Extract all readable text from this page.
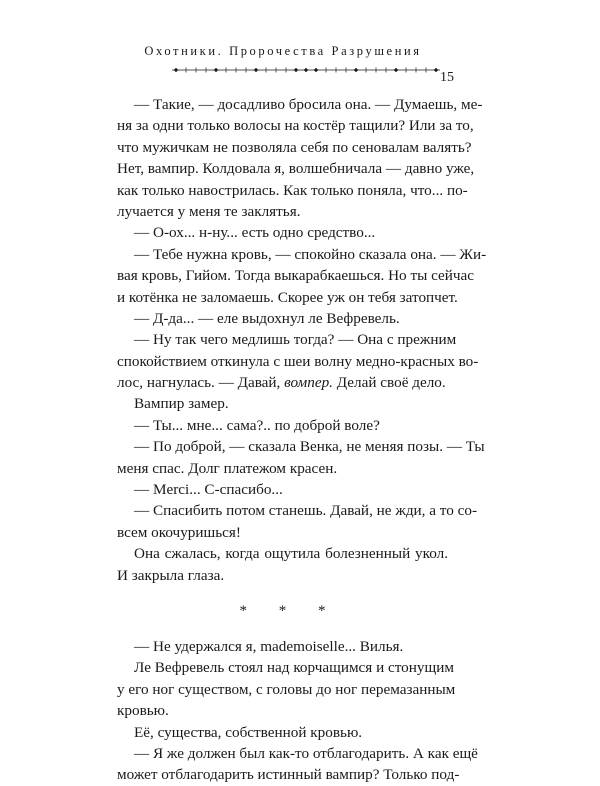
Охотники. Пророчества Разрушения
15
— Такие, — досадливо бросила она. — Думаешь, ме-
ня за одни только волосы на костёр тащили? Или за то,
что мужичкам не позволяла себя по сеновалам валять?
Нет, вампир. Колдовала я, волшебничала — давно уже,
как только навострилась. Как только поняла, что... по-
лучается у меня те заклятья.
— О-ох... н-ну... есть одно средство...
— Тебе нужна кровь, — спокойно сказала она. — Жи-
вая кровь, Гийом. Тогда выкарабкаешься. Но ты сейчас
и котёнка не заломаешь. Скорее уж он тебя затопчет.
— Д-да... — еле выдохнул ле Вефревель.
— Ну так чего медлишь тогда? — Она с прежним
спокойствием откинула с шеи волну медно-красных во-
лос, нагнулась. — Давай, вомпер. Делай своё дело.
Вампир замер.
— Ты... мне... сама?.. по доброй воле?
— По доброй, — сказала Венка, не меняя позы. — Ты
меня спас. Долг платежом красен.
— Merci... С-спасибо...
— Спасибить потом станешь. Давай, не жди, а то со-
всем окочуришься!
Она сжалась, когда ощутила болезненный укол.
И закрыла глаза.
* * *
— Не удержался я, mademoiselle... Вилья.
Ле Вефревель стоял над корчащимся и стонущим
у его ног существом, с головы до ног перемазанным
кровью.
Её, существа, собственной кровью.
— Я же должен был как-то отблагодарить. А как ещё
может отблагодарить истинный вампир? Только под-
